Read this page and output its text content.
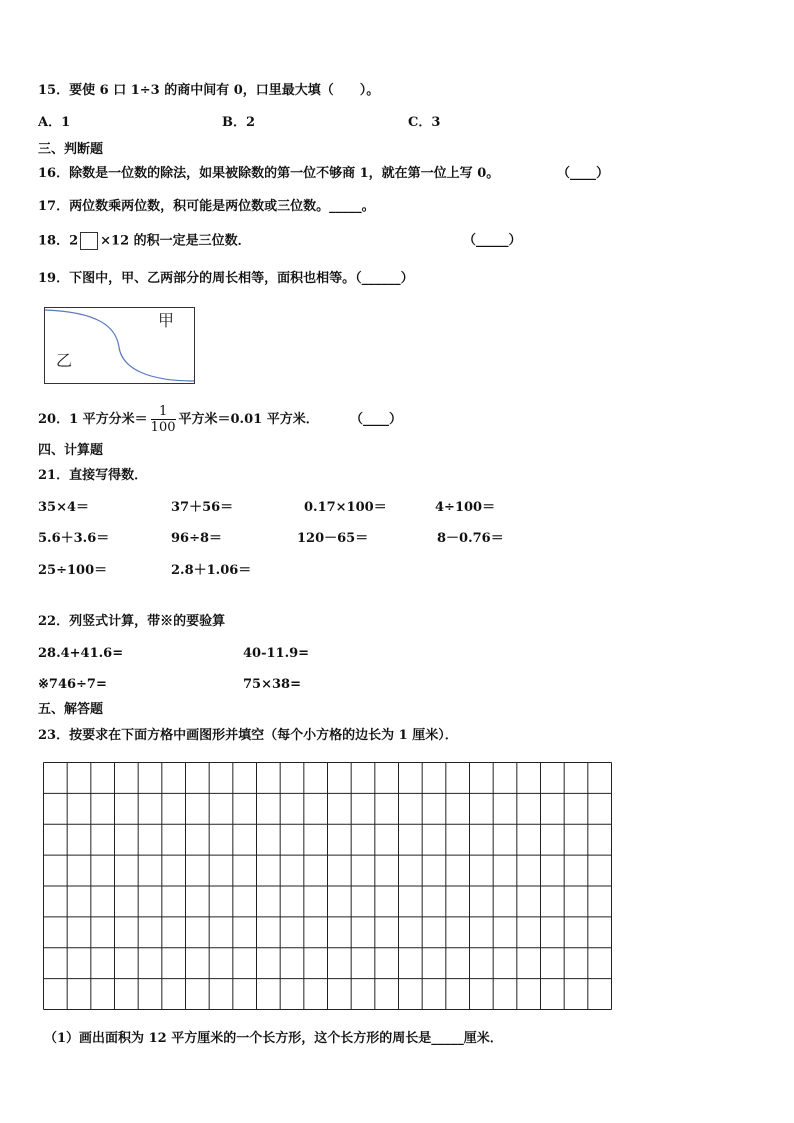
15．要使 6 口 1÷3 的商中间有 0，口里最大填（　　）。
A．1	B．2	C．3
三、判断题
16．除数是一位数的除法，如果被除数的第一位不够商 1，就在第一位上写 0。	（____）
17．两位数乘两位数，积可能是两位数或三位数。_____。
18．2 ×12 的积一定是三位数．	（_____）
19．下图中，甲、乙两部分的周长相等，面积也相等。（______）
甲
乙
20．1 平方分米＝ $\frac{1}{100}$ 平方米＝0.01 平方米． （____）
四、计算题
21．直接写得数．
35×4＝	37＋56＝	0.17×100＝	4÷100＝
5.6＋3.6＝	96÷8＝	120－65＝	8－0.76＝
25÷100＝	2.8＋1.06＝
22．列竖式计算，带※的要验算
28.4+41.6=	40-11.9=
※746÷7=	75×38=
五、解答题
23．按要求在下面方格中画图形并填空（每个小方格的边长为 1 厘米）．
（1）画出面积为 12 平方厘米的一个长方形，这个长方形的周长是_____厘米．
